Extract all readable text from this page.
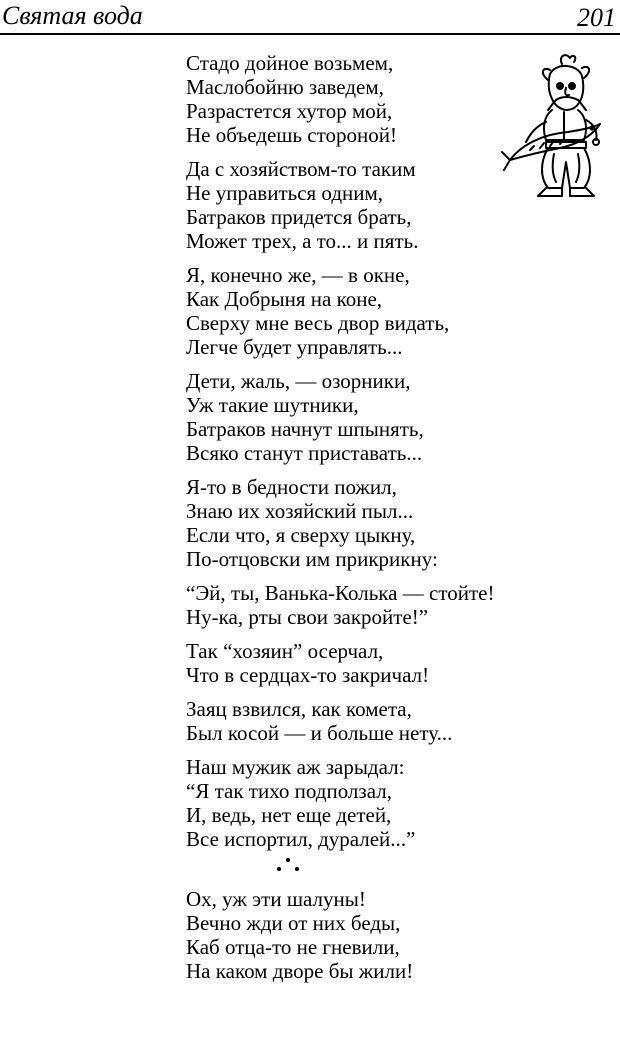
Святая вода	201
Стадо дойное возьмем,
Маслобойню заведем,
Разрастется хутор мой,
Не объедешь стороной!
Да с хозяйством-то таким
Не управиться одним,
Батраков придется брать,
Может трех, а то... и пять.
Я, конечно же, — в окне,
Как Добрыня на коне,
Сверху мне весь двор видать,
Легче будет управлять...
Дети, жаль, — озорники,
Уж такие шутники,
Батраков начнут шпынять,
Всяко станут приставать...
Я-то в бедности пожил,
Знаю их хозяйский пыл...
Если что, я сверху цыкну,
По-отцовски им прикрикну:
“Эй, ты, Ванька-Колька — стойте!
Ну-ка, рты свои закройте!”
Так “хозяин” осерчал,
Что в сердцах-то закричал!
Заяц взвился, как комета,
Был косой — и больше нету...
Наш мужик аж зарыдал:
“Я так тихо подползал,
И, ведь, нет еще детей,
Все испортил, дуралей...”
Ох, уж эти шалуны!
Вечно жди от них беды,
Каб отца-то не гневили,
На каком дворе бы жили!
